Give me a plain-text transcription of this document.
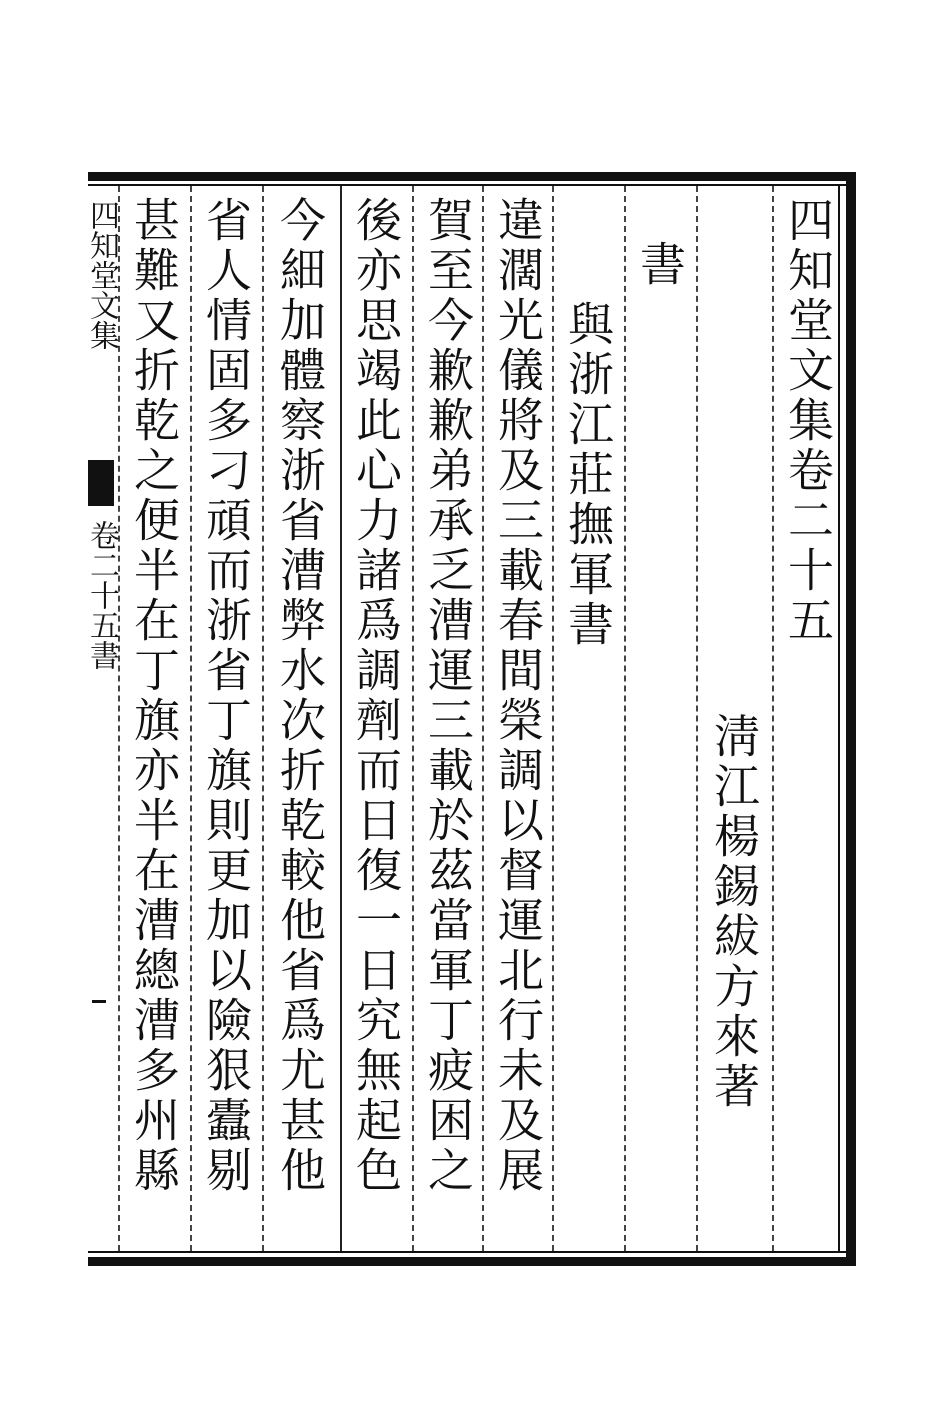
四知堂文集卷二十五
淸江楊錫紱方來著
書
與浙江莊撫軍書
違濶光儀將及三載春間榮調以督運北行未及展
賀至今歉歉弟承乏漕運三載於茲當軍丁疲困之
後亦思竭此心力諸爲調劑而日復一日究無起色
今細加體察浙省漕弊水次折乾較他省爲尤甚他
省人情固多刁頑而浙省丁旗則更加以險狠蠹剔
甚難又折乾之便半在丁旗亦半在漕總漕多州縣
四知堂文集
卷二十五書
